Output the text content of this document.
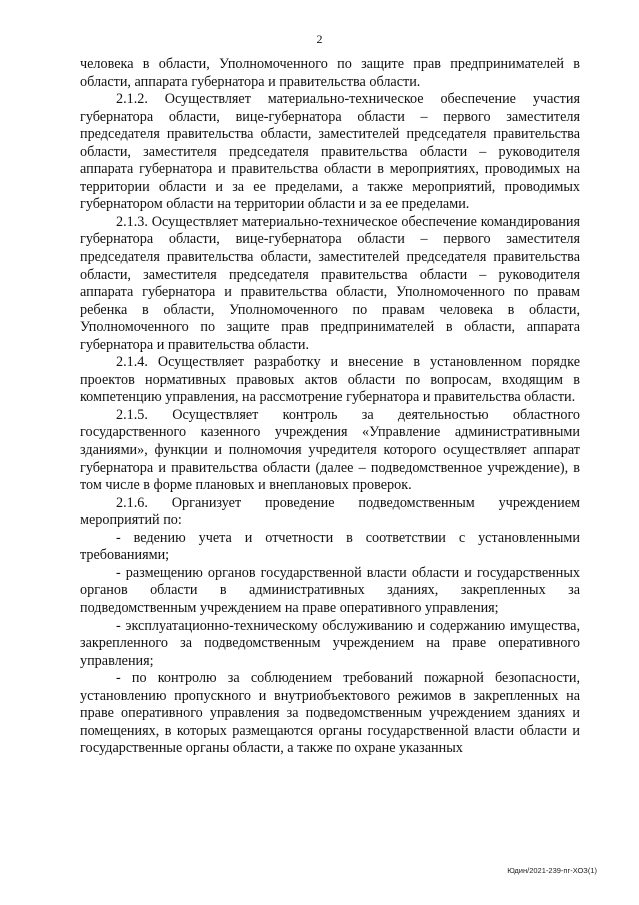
2

человека в области, Уполномоченного по защите прав предпринимателей в области, аппарата губернатора и правительства области.

2.1.2. Осуществляет материально-техническое обеспечение участия губернатора области, вице-губернатора области – первого заместителя председателя правительства области, заместителей председателя правительства области, заместителя председателя правительства области – руководителя аппарата губернатора и правительства области в мероприятиях, проводимых на территории области и за ее пределами, а также мероприятий, проводимых губернатором области на территории области и за ее пределами.

2.1.3. Осуществляет материально-техническое обеспечение командирования губернатора области, вице-губернатора области – первого заместителя председателя правительства области, заместителей председателя правительства области, заместителя председателя правительства области – руководителя аппарата губернатора и правительства области, Уполномоченного по правам ребенка в области, Уполномоченного по правам человека в области, Уполномоченного по защите прав предпринимателей в области, аппарата губернатора и правительства области.

2.1.4. Осуществляет разработку и внесение в установленном порядке проектов нормативных правовых актов области по вопросам, входящим в компетенцию управления, на рассмотрение губернатора и правительства области.

2.1.5. Осуществляет контроль за деятельностью областного государственного казенного учреждения «Управление административными зданиями», функции и полномочия учредителя которого осуществляет аппарат губернатора и правительства области (далее – подведомственное учреждение), в том числе в форме плановых и внеплановых проверок.

2.1.6. Организует проведение подведомственным учреждением мероприятий по:

- ведению учета и отчетности в соответствии с установленными требованиями;

- размещению органов государственной власти области и государственных органов области в административных зданиях, закрепленных за подведомственным учреждением на праве оперативного управления;

- эксплуатационно-техническому обслуживанию и содержанию имущества, закрепленного за подведомственным учреждением на праве оперативного управления;

- по контролю за соблюдением требований пожарной безопасности, установлению пропускного и внутриобъектового режимов в закрепленных на праве оперативного управления за подведомственным учреждением зданиях и помещениях, в которых размещаются органы государственной власти области и государственные органы области, а также по охране указанных

Юдин/2021-239-пг-ХОЗ(1)
